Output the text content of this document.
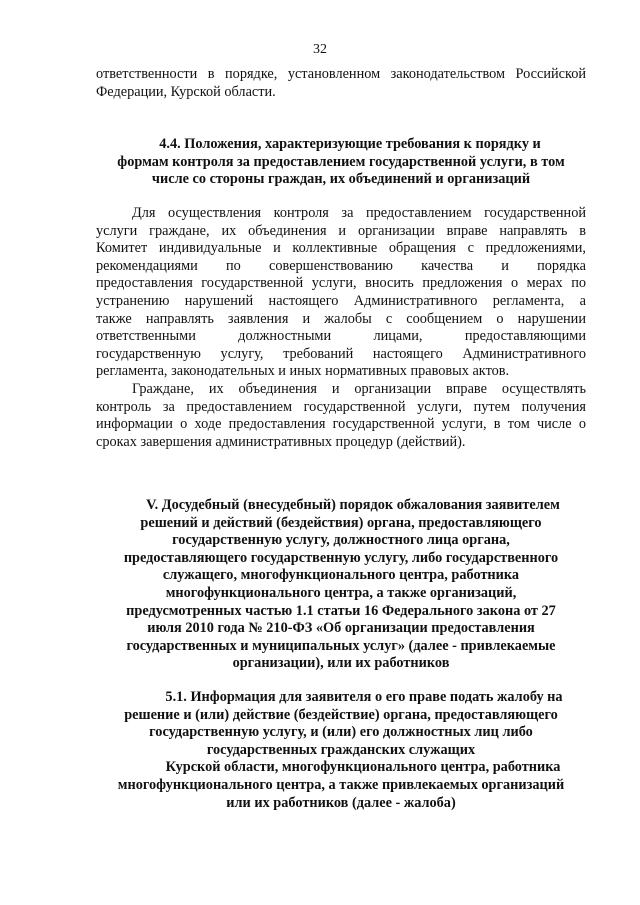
32
ответственности в порядке, установленном законодательством Российской
Федерации, Курской области.
4.4. Положения, характеризующие требования к порядку и
формам контроля за предоставлением государственной услуги, в том
числе со стороны граждан, их объединений и организаций
Для осуществления контроля за предоставлением государственной
услуги граждане, их объединения и организации вправе направлять в
Комитет индивидуальные и коллективные обращения с предложениями,
рекомендациями по совершенствованию качества и порядка
предоставления государственной услуги, вносить предложения о мерах по
устранению нарушений настоящего Административного регламента, а
также направлять заявления и жалобы с сообщением о нарушении
ответственными должностными лицами, предоставляющими
государственную услугу, требований настоящего Административного
регламента, законодательных и иных нормативных правовых актов.
Граждане, их объединения и организации вправе осуществлять
контроль за предоставлением государственной услуги, путем получения
информации о ходе предоставления государственной услуги, в том числе о
сроках завершения административных процедур (действий).
V. Досудебный (внесудебный) порядок обжалования заявителем
решений и действий (бездействия) органа, предоставляющего
государственную услугу, должностного лица органа,
предоставляющего государственную услугу, либо государственного
служащего, многофункционального центра, работника
многофункционального центра, а также организаций,
предусмотренных частью 1.1 статьи 16 Федерального закона от 27
июля 2010 года № 210-ФЗ «Об организации предоставления
государственных и муниципальных услуг» (далее - привлекаемые
организации), или их работников
5.1. Информация для заявителя о его праве подать жалобу на
решение и (или) действие (бездействие) органа, предоставляющего
государственную услугу, и (или) его должностных лиц либо
государственных гражданских служащих
Курской области, многофункционального центра, работника
многофункционального центра, а также привлекаемых организаций
или их работников (далее - жалоба)
